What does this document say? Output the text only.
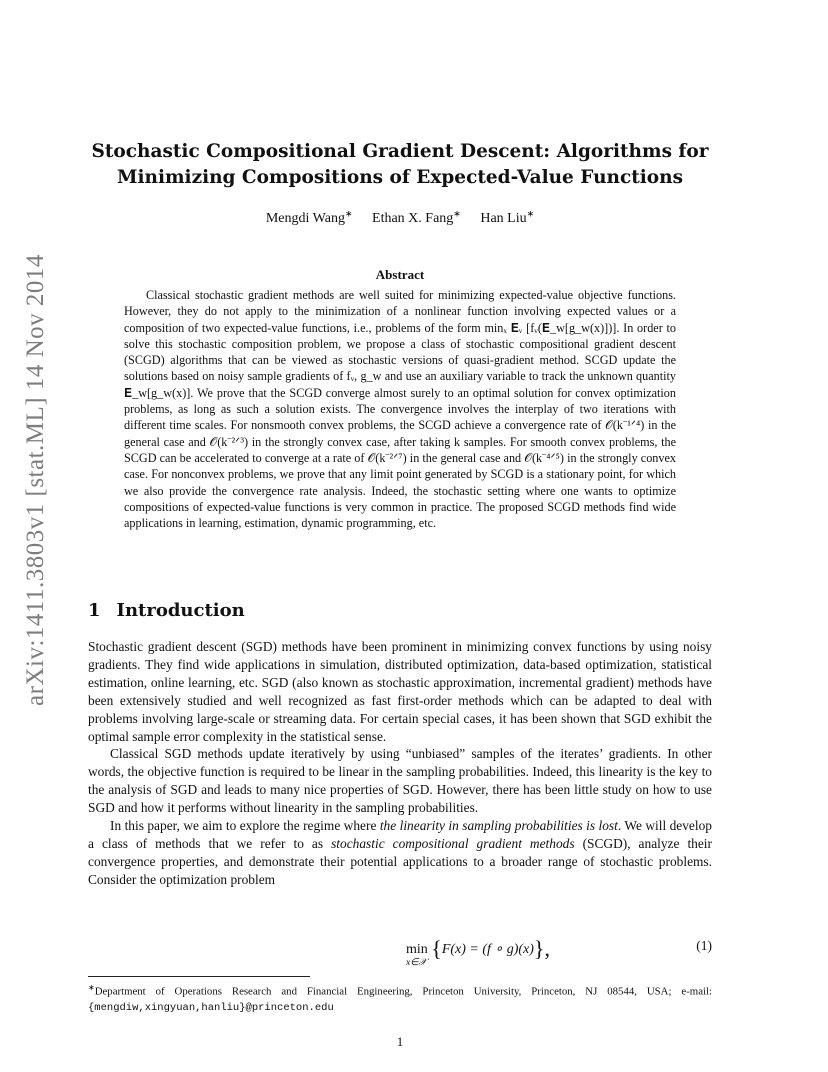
arXiv:1411.3803v1 [stat.ML] 14 Nov 2014
Stochastic Compositional Gradient Descent: Algorithms for
Minimizing Compositions of Expected-Value Functions
Mengdi Wang∗ Ethan X. Fang∗ Han Liu∗
Abstract
Classical stochastic gradient methods are well suited for minimizing expected-value objective functions. However, they do not apply to the minimization of a nonlinear function involving expected values or a composition of two expected-value functions, i.e., problems of the form minₓ 𝐄ᵥ [fᵥ(𝐄_w[g_w(x)])]. In order to solve this stochastic composition problem, we propose a class of stochastic compositional gradient descent (SCGD) algorithms that can be viewed as stochastic versions of quasi-gradient method. SCGD update the solutions based on noisy sample gradients of fᵥ, g_w and use an auxiliary variable to track the unknown quantity 𝐄_w[g_w(x)]. We prove that the SCGD converge almost surely to an optimal solution for convex optimization problems, as long as such a solution exists. The convergence involves the interplay of two iterations with different time scales. For nonsmooth convex problems, the SCGD achieve a convergence rate of 𝒪(k⁻¹ᐟ⁴) in the general case and 𝒪(k⁻²ᐟ³) in the strongly convex case, after taking k samples. For smooth convex problems, the SCGD can be accelerated to converge at a rate of 𝒪(k⁻²ᐟ⁷) in the general case and 𝒪(k⁻⁴ᐟ⁵) in the strongly convex case. For nonconvex problems, we prove that any limit point generated by SCGD is a stationary point, for which we also provide the convergence rate analysis. Indeed, the stochastic setting where one wants to optimize compositions of expected-value functions is very common in practice. The proposed SCGD methods find wide applications in learning, estimation, dynamic programming, etc.
1 Introduction

Stochastic gradient descent (SGD) methods have been prominent in minimizing convex functions by using noisy gradients. They find wide applications in simulation, distributed optimization, data-based optimization, statistical estimation, online learning, etc. SGD (also known as stochastic approximation, incremental gradient) methods have been extensively studied and well recognized as fast first-order methods which can be adapted to deal with problems involving large-scale or streaming data. For certain special cases, it has been shown that SGD exhibit the optimal sample error complexity in the statistical sense.

Classical SGD methods update iteratively by using “unbiased” samples of the iterates’ gradients. In other words, the objective function is required to be linear in the sampling probabilities. Indeed, this linearity is the key to the analysis of SGD and leads to many nice properties of SGD. However, there has been little study on how to use SGD and how it performs without linearity in the sampling probabilities.

In this paper, we aim to explore the regime where the linearity in sampling probabilities is lost. We will develop a class of methods that we refer to as stochastic compositional gradient methods (SCGD), analyze their convergence properties, and demonstrate their potential applications to a broader range of stochastic problems. Consider the optimization problem

min
x∈𝒳
{F(x) = (f ∘ g)(x)},	(1)
∗Department of Operations Research and Financial Engineering, Princeton University, Princeton, NJ 08544, USA; e-mail: {mengdiw,xingyuan,hanliu}@princeton.edu
1
